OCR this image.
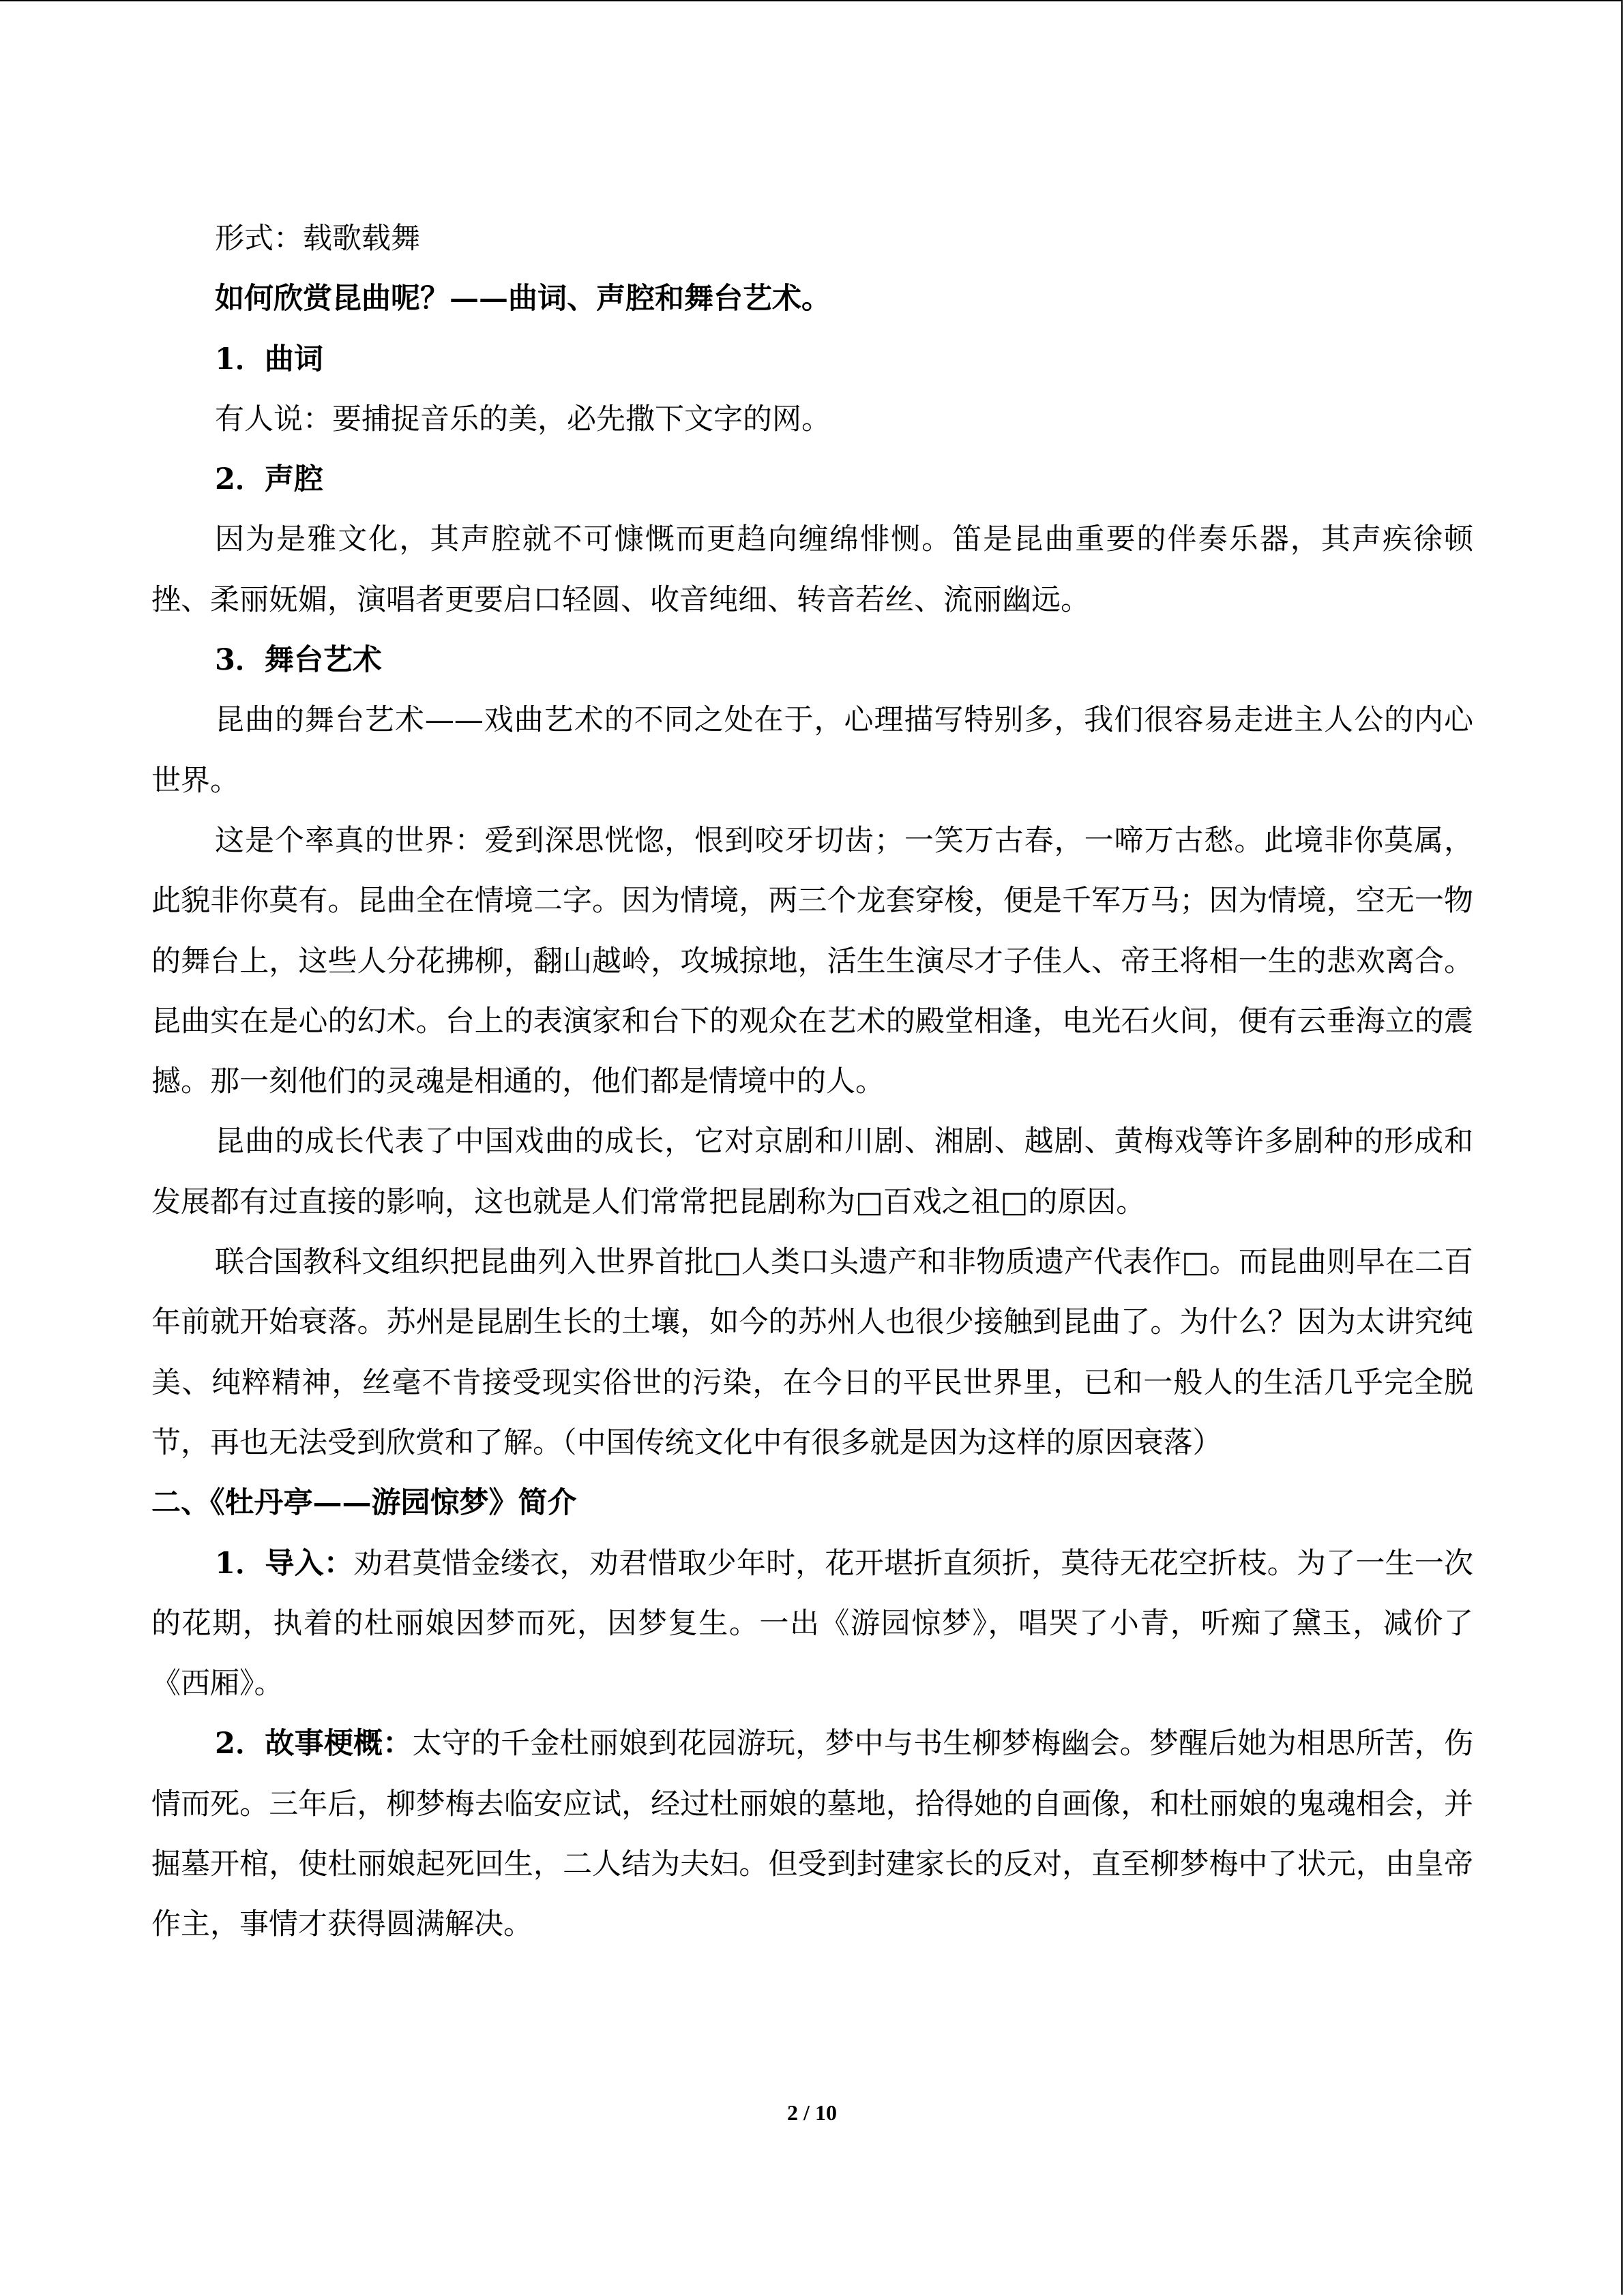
形式：载歌载舞
如何欣赏昆曲呢？——曲词、声腔和舞台艺术。
1．曲词
有人说：要捕捉音乐的美，必先撒下文字的网。
2．声腔

因为是雅文化，其声腔就不可慷慨而更趋向缠绵悱恻。笛是昆曲重要的伴奏乐器，其声疾徐顿挫、柔丽妩媚，演唱者更要启口轻圆、收音纯细、转音若丝、流丽幽远。

3．舞台艺术

昆曲的舞台艺术——戏曲艺术的不同之处在于，心理描写特别多，我们很容易走进主人公的内心世界。

这是个率真的世界：爱到深思恍惚，恨到咬牙切齿；一笑万古春，一啼万古愁。此境非你莫属，此貌非你莫有。昆曲全在情境二字。因为情境，两三个龙套穿梭，便是千军万马；因为情境，空无一物的舞台上，这些人分花拂柳，翻山越岭，攻城掠地，活生生演尽才子佳人、帝王将相一生的悲欢离合。昆曲实在是心的幻术。台上的表演家和台下的观众在艺术的殿堂相逢，电光石火间，便有云垂海立的震撼。那一刻他们的灵魂是相通的，他们都是情境中的人。

昆曲的成长代表了中国戏曲的成长，它对京剧和川剧、湘剧、越剧、黄梅戏等许多剧种的形成和发展都有过直接的影响，这也就是人们常常把昆剧称为□百戏之祖□的原因。

联合国教科文组织把昆曲列入世界首批□人类口头遗产和非物质遗产代表作□。而昆曲则早在二百年前就开始衰落。苏州是昆剧生长的土壤，如今的苏州人也很少接触到昆曲了。为什么？因为太讲究纯美、纯粹精神，丝毫不肯接受现实俗世的污染，在今日的平民世界里，已和一般人的生活几乎完全脱节，再也无法受到欣赏和了解。（中国传统文化中有很多就是因为这样的原因衰落）

二、《牡丹亭——游园惊梦》简介

1．导入：劝君莫惜金缕衣，劝君惜取少年时，花开堪折直须折，莫待无花空折枝。为了一生一次的花期，执着的杜丽娘因梦而死，因梦复生。一出《游园惊梦》，唱哭了小青，听痴了黛玉，减价了《西厢》。

2．故事梗概：太守的千金杜丽娘到花园游玩，梦中与书生柳梦梅幽会。梦醒后她为相思所苦，伤情而死。三年后，柳梦梅去临安应试，经过杜丽娘的墓地，拾得她的自画像，和杜丽娘的鬼魂相会，并掘墓开棺，使杜丽娘起死回生，二人结为夫妇。但受到封建家长的反对，直至柳梦梅中了状元，由皇帝作主，事情才获得圆满解决。

2 / 10
